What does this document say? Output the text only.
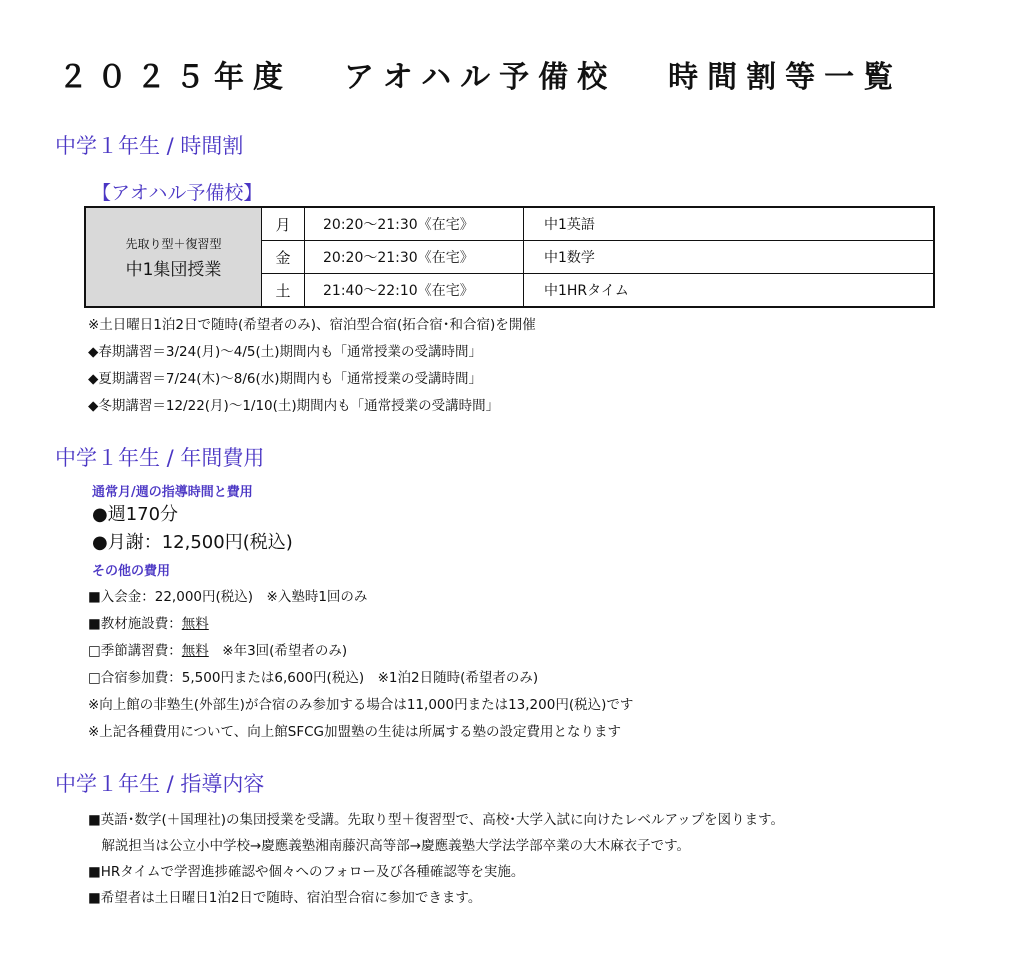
２０２５年度 アオハル予備校 時間割等一覧
中学１年生 / 時間割
【アオハル予備校】
先取り型＋復習型
中1集団授業	月	20:20〜21:30《在宅》	中1英語
	金	20:20〜21:30《在宅》	中1数学
	土	21:40〜22:10《在宅》	中1HRタイム
※土日曜日1泊2日で随時(希望者のみ)、宿泊型合宿(拓合宿･和合宿)を開催
◆春期講習＝3/24(月)〜4/5(土)期間内も「通常授業の受講時間」
◆夏期講習＝7/24(木)〜8/6(水)期間内も「通常授業の受講時間」
◆冬期講習＝12/22(月)〜1/10(土)期間内も「通常授業の受講時間」
中学１年生 / 年間費用
通常月/週の指導時間と費用
●週170分
●月謝：12,500円(税込)
その他の費用
■入会金：22,000円(税込)　※入塾時1回のみ
■教材施設費：無料
□季節講習費：無料　※年3回(希望者のみ)
□合宿参加費：5,500円または6,600円(税込)　※1泊2日随時(希望者のみ)
※向上館の非塾生(外部生)が合宿のみ参加する場合は11,000円または13,200円(税込)です
※上記各種費用について、向上館SFCG加盟塾の生徒は所属する塾の設定費用となります
中学１年生 / 指導内容
■英語･数学(＋国理社)の集団授業を受講。先取り型＋復習型で、高校･大学入試に向けたレベルアップを図ります。
　解説担当は公立小中学校→慶應義塾湘南藤沢高等部→慶應義塾大学法学部卒業の大木麻衣子です。
■HRタイムで学習進捗確認や個々へのフォロー及び各種確認等を実施。
■希望者は土日曜日1泊2日で随時、宿泊型合宿に参加できます。
